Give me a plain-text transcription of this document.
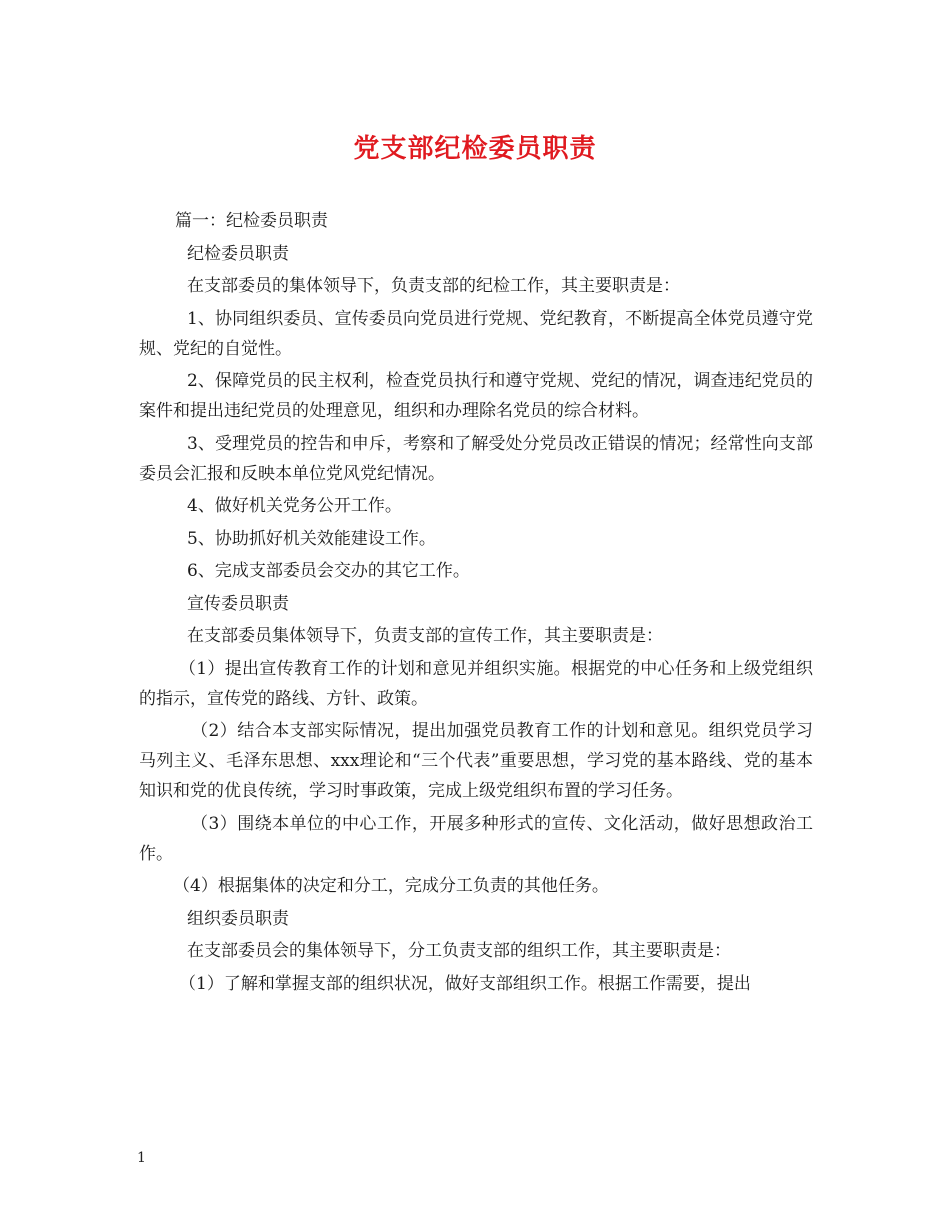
党支部纪检委员职责

篇一：纪检委员职责

纪检委员职责

在支部委员的集体领导下，负责支部的纪检工作，其主要职责是：

1、协同组织委员、宣传委员向党员进行党规、党纪教育，不断提高全体党员遵守党规、党纪的自觉性。

2、保障党员的民主权利，检查党员执行和遵守党规、党纪的情况，调查违纪党员的案件和提出违纪党员的处理意见，组织和办理除名党员的综合材料。

3、受理党员的控告和申斥，考察和了解受处分党员改正错误的情况；经常性向支部委员会汇报和反映本单位党风党纪情况。

4、做好机关党务公开工作。

5、协助抓好机关效能建设工作。

6、完成支部委员会交办的其它工作。

宣传委员职责

在支部委员集体领导下，负责支部的宣传工作，其主要职责是：

（1）提出宣传教育工作的计划和意见并组织实施。根据党的中心任务和上级党组织的指示，宣传党的路线、方针、政策。

（2）结合本支部实际情况，提出加强党员教育工作的计划和意见。组织党员学习马列主义、毛泽东思想、xxx理论和“三个代表”重要思想，学习党的基本路线、党的基本知识和党的优良传统，学习时事政策，完成上级党组织布置的学习任务。

（3）围绕本单位的中心工作，开展多种形式的宣传、文化活动，做好思想政治工作。

（4）根据集体的决定和分工，完成分工负责的其他任务。

组织委员职责

在支部委员会的集体领导下，分工负责支部的组织工作，其主要职责是：

（1）了解和掌握支部的组织状况，做好支部组织工作。根据工作需要，提出

1
